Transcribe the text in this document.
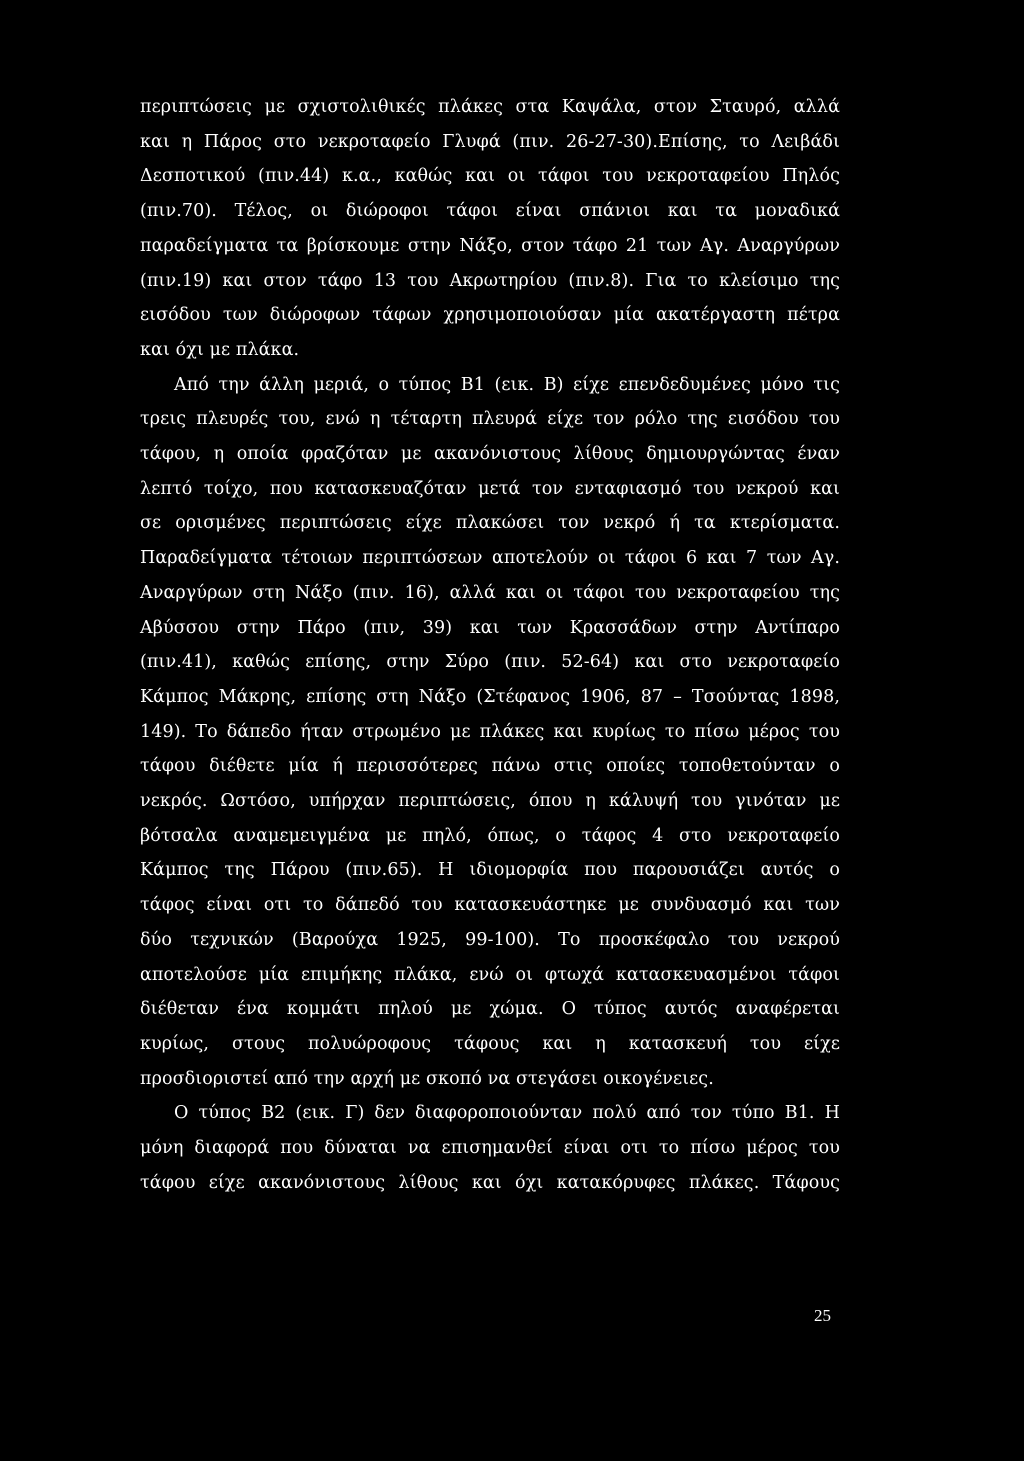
περιπτώσεις με σχιστολιθικές πλάκες στα Καψάλα, στον Σταυρό, αλλά
και η Πάρος στο νεκροταφείο Γλυφά (πιν. 26-27-30).Επίσης, το Λειβάδι
Δεσποτικού (πιν.44) κ.α., καθώς και οι τάφοι του νεκροταφείου Πηλός
(πιν.70). Τέλος, οι διώροφοι τάφοι είναι σπάνιοι και τα μοναδικά
παραδείγματα τα βρίσκουμε στην Νάξο, στον τάφο 21 των Αγ. Αναργύρων
(πιν.19) και στον τάφο 13 του Ακρωτηρίου (πιν.8). Για το κλείσιμο της
εισόδου των διώροφων τάφων χρησιμοποιούσαν μία ακατέργαστη πέτρα
και όχι με πλάκα.
Από την άλλη μεριά, ο τύπος Β1 (εικ. Β) είχε επενδεδυμένες μόνο τις
τρεις πλευρές του, ενώ η τέταρτη πλευρά είχε τον ρόλο της εισόδου του
τάφου, η οποία φραζόταν με ακανόνιστους λίθους δημιουργώντας έναν
λεπτό τοίχο, που κατασκευαζόταν μετά τον ενταφιασμό του νεκρού και
σε ορισμένες περιπτώσεις είχε πλακώσει τον νεκρό ή τα κτερίσματα.
Παραδείγματα τέτοιων περιπτώσεων αποτελούν οι τάφοι 6 και 7 των Αγ.
Αναργύρων στη Νάξο (πιν. 16), αλλά και οι τάφοι του νεκροταφείου της
Αβύσσου στην Πάρο (πιν, 39) και των Κρασσάδων στην Αντίπαρο
(πιν.41), καθώς επίσης, στην Σύρο (πιν. 52-64) και στο νεκροταφείο
Κάμπος Μάκρης, επίσης στη Νάξο (Στέφανος 1906, 87 – Τσούντας 1898,
149). Το δάπεδο ήταν στρωμένο με πλάκες και κυρίως το πίσω μέρος του
τάφου διέθετε μία ή περισσότερες πάνω στις οποίες τοποθετούνταν ο
νεκρός. Ωστόσο, υπήρχαν περιπτώσεις, όπου η κάλυψή του γινόταν με
βότσαλα αναμεμειγμένα με πηλό, όπως, ο τάφος 4 στο νεκροταφείο
Κάμπος της Πάρου (πιν.65). Η ιδιομορφία που παρουσιάζει αυτός ο
τάφος είναι οτι το δάπεδό του κατασκευάστηκε με συνδυασμό και των
δύο τεχνικών (Βαρούχα 1925, 99-100). Το προσκέφαλο του νεκρού
αποτελούσε μία επιμήκης πλάκα, ενώ οι φτωχά κατασκευασμένοι τάφοι
διέθεταν ένα κομμάτι πηλού με χώμα. Ο τύπος αυτός αναφέρεται
κυρίως, στους πολυώροφους τάφους και η κατασκευή του είχε
προσδιοριστεί από την αρχή με σκοπό να στεγάσει οικογένειες.
Ο τύπος Β2 (εικ. Γ) δεν διαφοροποιούνταν πολύ από τον τύπο Β1. Η
μόνη διαφορά που δύναται να επισημανθεί είναι οτι το πίσω μέρος του
τάφου είχε ακανόνιστους λίθους και όχι κατακόρυφες πλάκες. Τάφους
25
